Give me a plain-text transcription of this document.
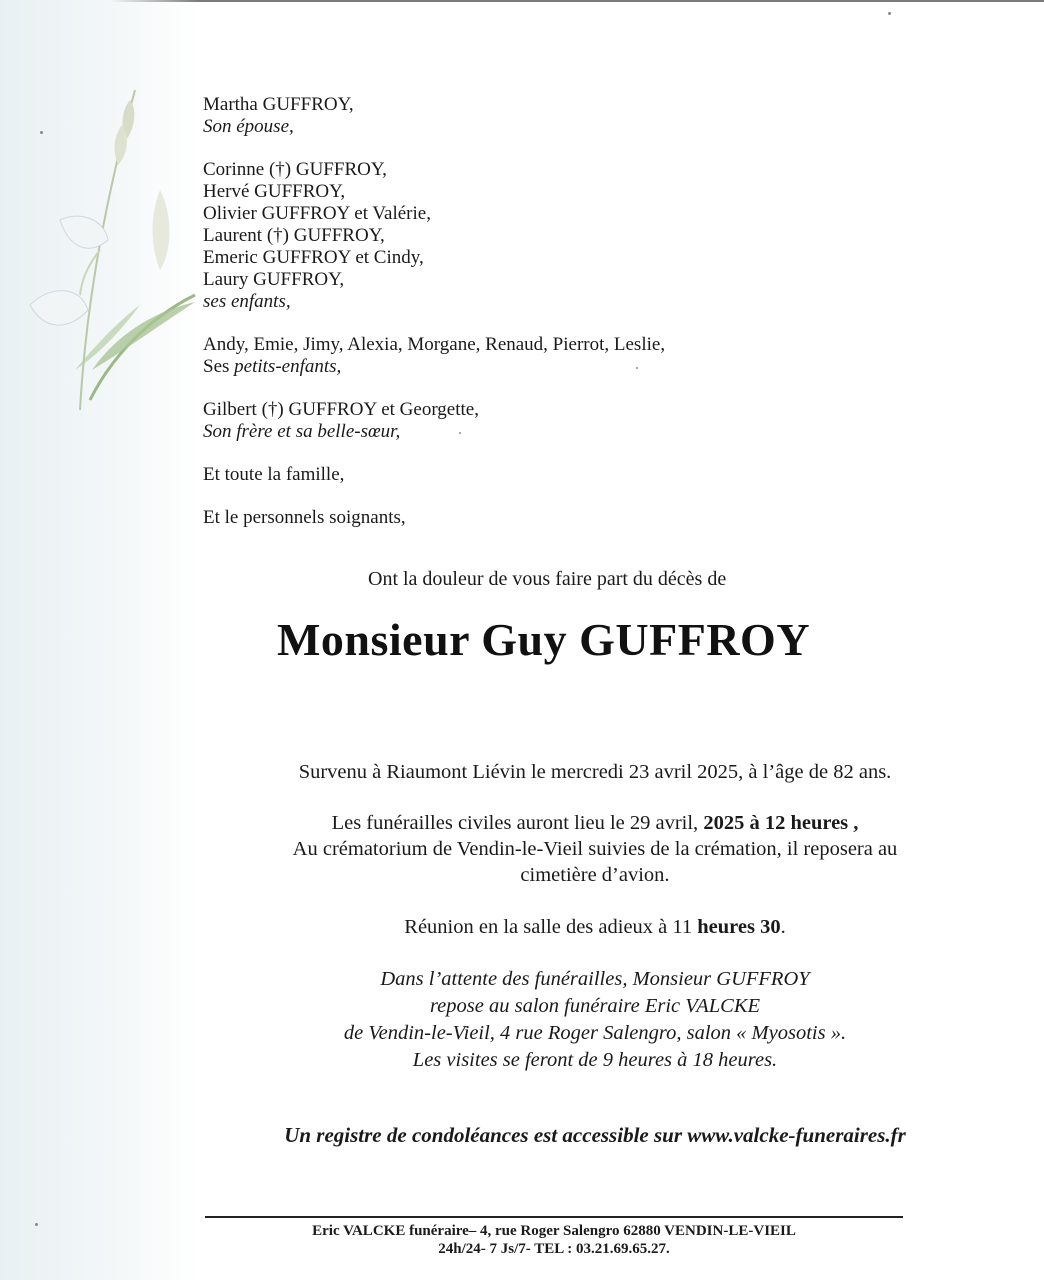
Martha GUFFROY,
Son épouse,
Corinne (†) GUFFROY,
Hervé GUFFROY,
Olivier GUFFROY et Valérie,
Laurent (†) GUFFROY,
Emeric GUFFROY et Cindy,
Laury GUFFROY,
ses enfants,
Andy, Emie, Jimy, Alexia, Morgane, Renaud, Pierrot, Leslie,
Ses petits-enfants,
Gilbert (†) GUFFROY et Georgette,
Son frère et sa belle-sœur,
Et toute la famille,
Et le personnels soignants,
Ont la douleur de vous faire part du décès de
Monsieur Guy GUFFROY
Survenu à Riaumont Liévin le mercredi 23 avril 2025, à l’âge de 82 ans.
Les funérailles civiles auront lieu le 29 avril, 2025 à 12 heures ,
Au crématorium de Vendin-le-Vieil suivies de la crémation, il reposera au
cimetière d’avion.
Réunion en la salle des adieux à 11 heures 30.
Dans l’attente des funérailles, Monsieur GUFFROY
repose au salon funéraire Eric VALCKE
de Vendin-le-Vieil, 4 rue Roger Salengro, salon « Myosotis ».
Les visites se feront de 9 heures à 18 heures.
Un registre de condoléances est accessible sur www.valcke-funeraires.fr
Eric VALCKE funéraire– 4, rue Roger Salengro 62880 VENDIN-LE-VIEIL
24h/24- 7 Js/7- TEL : 03.21.69.65.27.
